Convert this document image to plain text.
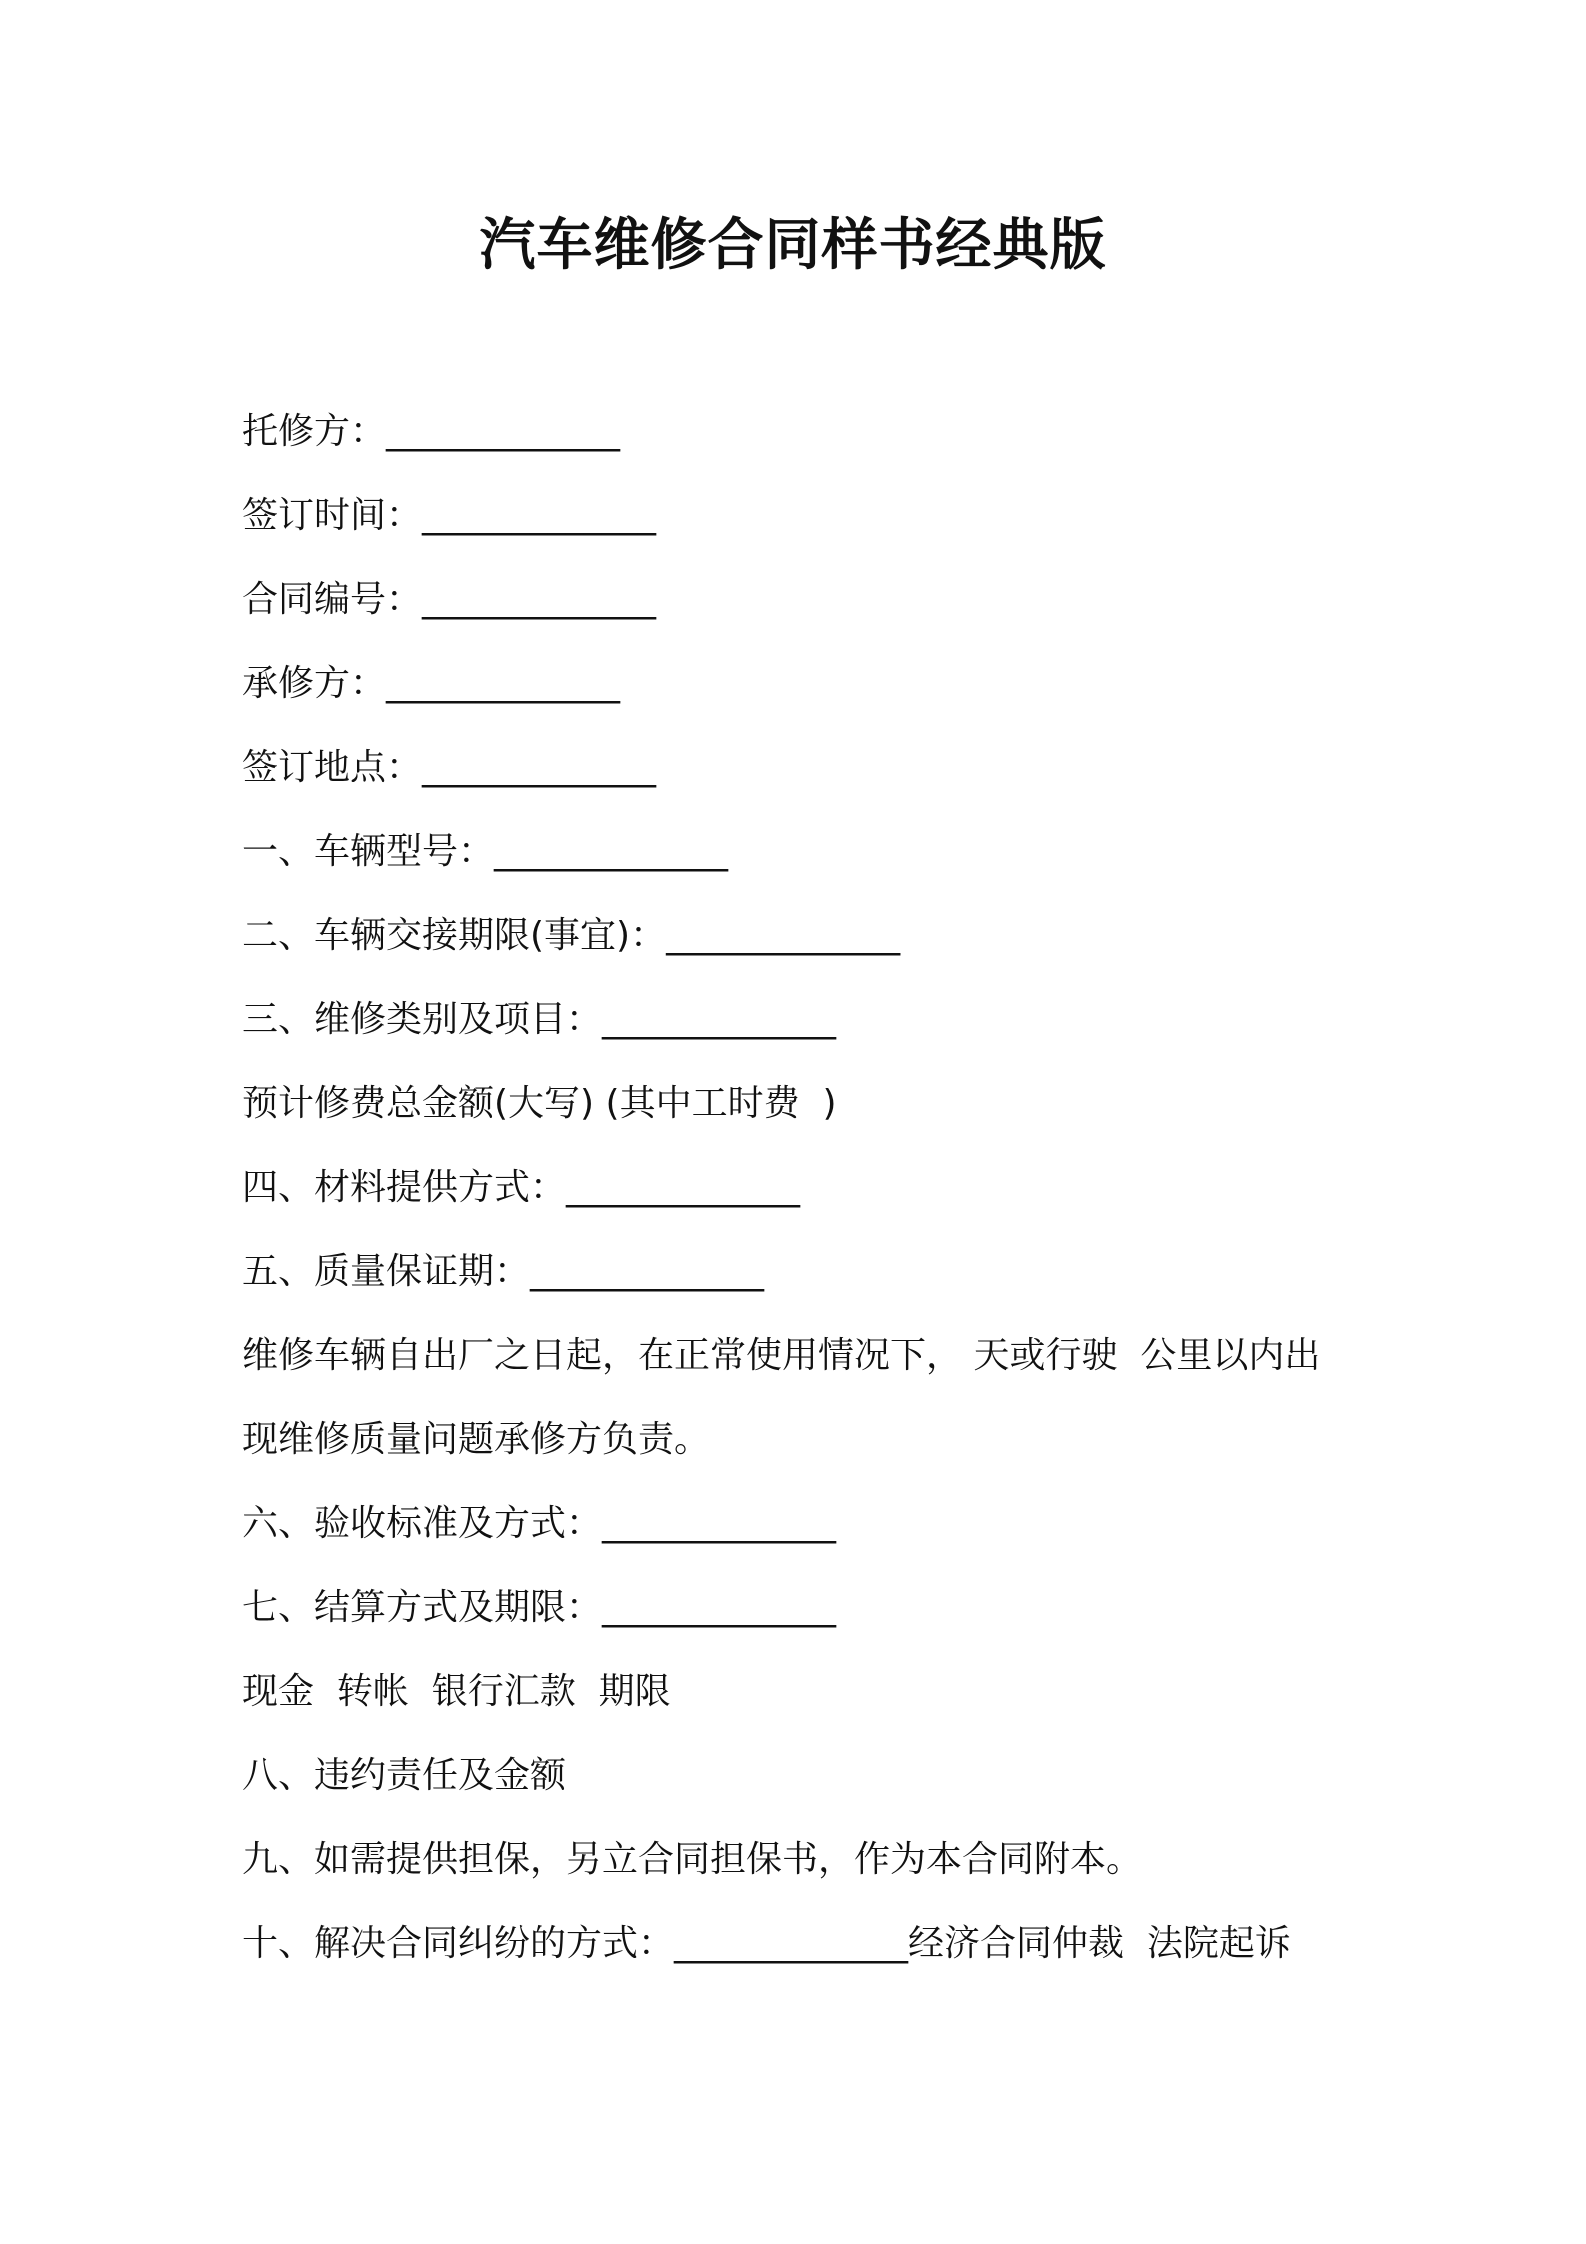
汽车维修合同样书经典版

托修方：_____________

签订时间：_____________

合同编号：_____________

承修方：_____________

签订地点：_____________

一、车辆型号：_____________

二、车辆交接期限(事宜)：_____________

三、维修类别及项目：_____________

预计修费总金额(大写) (其中工时费  )

四、材料提供方式：_____________

五、质量保证期：_____________

维修车辆自出厂之日起，在正常使用情况下， 天或行驶  公里以内出

现维修质量问题承修方负责。

六、验收标准及方式：_____________

七、结算方式及期限：_____________

现金  转帐  银行汇款  期限

八、违约责任及金额

九、如需提供担保，另立合同担保书，作为本合同附本。

十、解决合同纠纷的方式：_____________经济合同仲裁  法院起诉
